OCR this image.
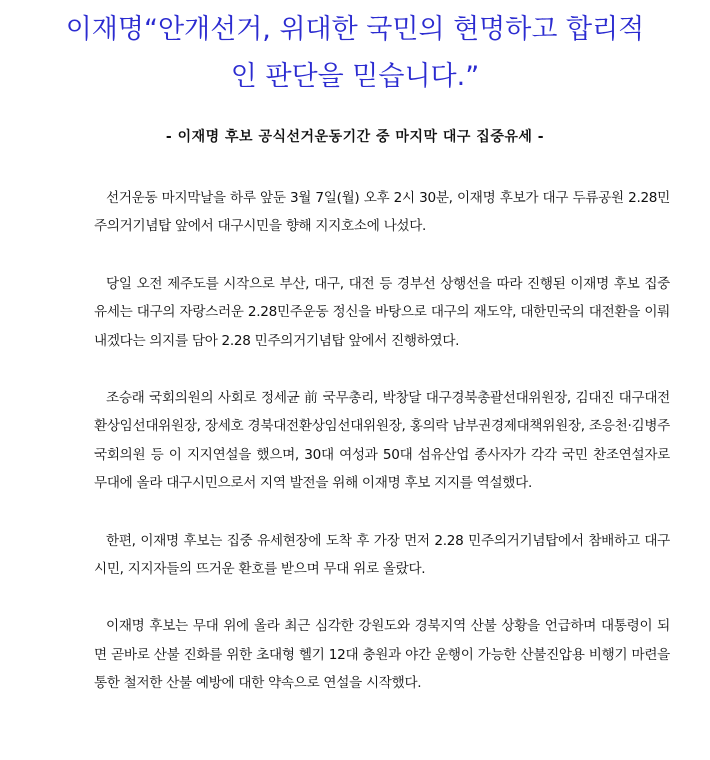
이재명“안개선거, 위대한 국민의 현명하고 합리적인 판단을 믿습니다.”
- 이재명 후보 공식선거운동기간 중 마지막 대구 집중유세 -

선거운동 마지막날을 하루 앞둔 3월 7일(월) 오후 2시 30분, 이재명 후보가 대구 두류공원 2.28민주의거기념탑 앞에서 대구시민을 향해 지지호소에 나섰다.

당일 오전 제주도를 시작으로 부산, 대구, 대전 등 경부선 상행선을 따라 진행된 이재명 후보 집중유세는 대구의 자랑스러운 2.28민주운동 정신을 바탕으로 대구의 재도약, 대한민국의 대전환을 이뤄내겠다는 의지를 담아 2.28 민주의거기념탑 앞에서 진행하였다.

조승래 국회의원의 사회로 정세균 前 국무총리, 박창달 대구경북총괄선대위원장, 김대진 대구대전환상임선대위원장, 장세호 경북대전환상임선대위원장, 홍의락 남부권경제대책위원장, 조응천·김병주 국회의원 등 이 지지연설을 했으며, 30대 여성과 50대 섬유산업 종사자가 각각 국민 찬조연설자로 무대에 올라 대구시민으로서 지역 발전을 위해 이재명 후보 지지를 역설했다.

한편, 이재명 후보는 집중 유세현장에 도착 후 가장 먼저 2.28 민주의거기념탑에서 참배하고 대구시민, 지지자들의 뜨거운 환호를 받으며 무대 위로 올랐다.

이재명 후보는 무대 위에 올라 최근 심각한 강원도와 경북지역 산불 상황을 언급하며 대통령이 되면 곧바로 산불 진화를 위한 초대형 헬기 12대 충원과 야간 운행이 가능한 산불진압용 비행기 마련을 통한 철저한 산불 예방에 대한 약속으로 연설을 시작했다.
